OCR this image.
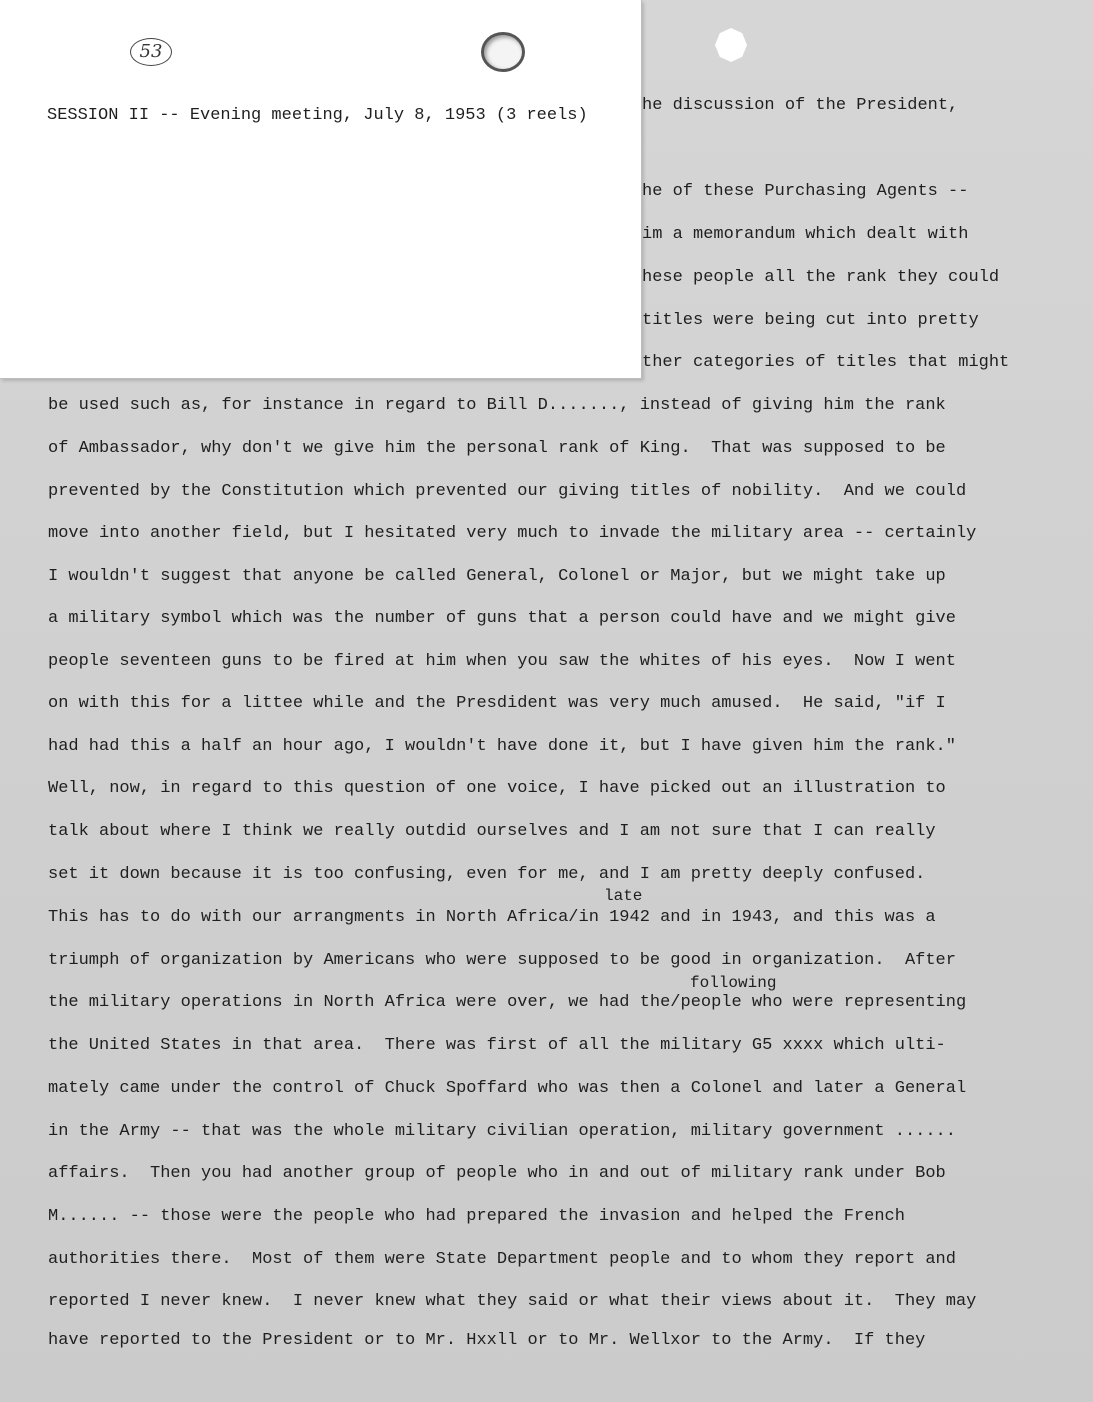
he discussion of the President,
he of these Purchasing Agents --
im a memorandum which dealt with
hese people all the rank they could
titles were being cut into pretty
ther categories of titles that might
be used such as, for instance in regard to Bill D......., instead of giving him the rank
of Ambassador, why don't we give him the personal rank of King.  That was supposed to be
prevented by the Constitution which prevented our giving titles of nobility.  And we could
move into another field, but I hesitated very much to invade the military area -- certainly
I wouldn't suggest that anyone be called General, Colonel or Major, but we might take up
a military symbol which was the number of guns that a person could have and we might give
people seventeen guns to be fired at him when you saw the whites of his eyes.  Now I went
on with this for a littee while and the Presdident was very much amused.  He said, "if I
had had this a half an hour ago, I wouldn't have done it, but I have given him the rank."
Well, now, in regard to this question of one voice, I have picked out an illustration to
talk about where I think we really outdid ourselves and I am not sure that I can really
set it down because it is too confusing, even for me, and I am pretty deeply confused.
late
This has to do with our arrangments in North Africa/in 1942 and in 1943, and this was a
triumph of organization by Americans who were supposed to be good in organization.  After
following
the military operations in North Africa were over, we had the/people who were representing
the United States in that area.  There was first of all the military G5 xxxx which ulti-
mately came under the control of Chuck Spoffard who was then a Colonel and later a General
in the Army -- that was the whole military civilian operation, military government ......
affairs.  Then you had another group of people who in and out of military rank under Bob
M...... -- those were the people who had prepared the invasion and helped the French
authorities there.  Most of them were State Department people and to whom they report and
reported I never knew.  I never knew what they said or what their views about it.  They may
have reported to the President or to Mr. Hxxll or to Mr. Wellxor to the Army.  If they
53
SESSION II -- Evening meeting, July 8, 1953 (3 reels)
